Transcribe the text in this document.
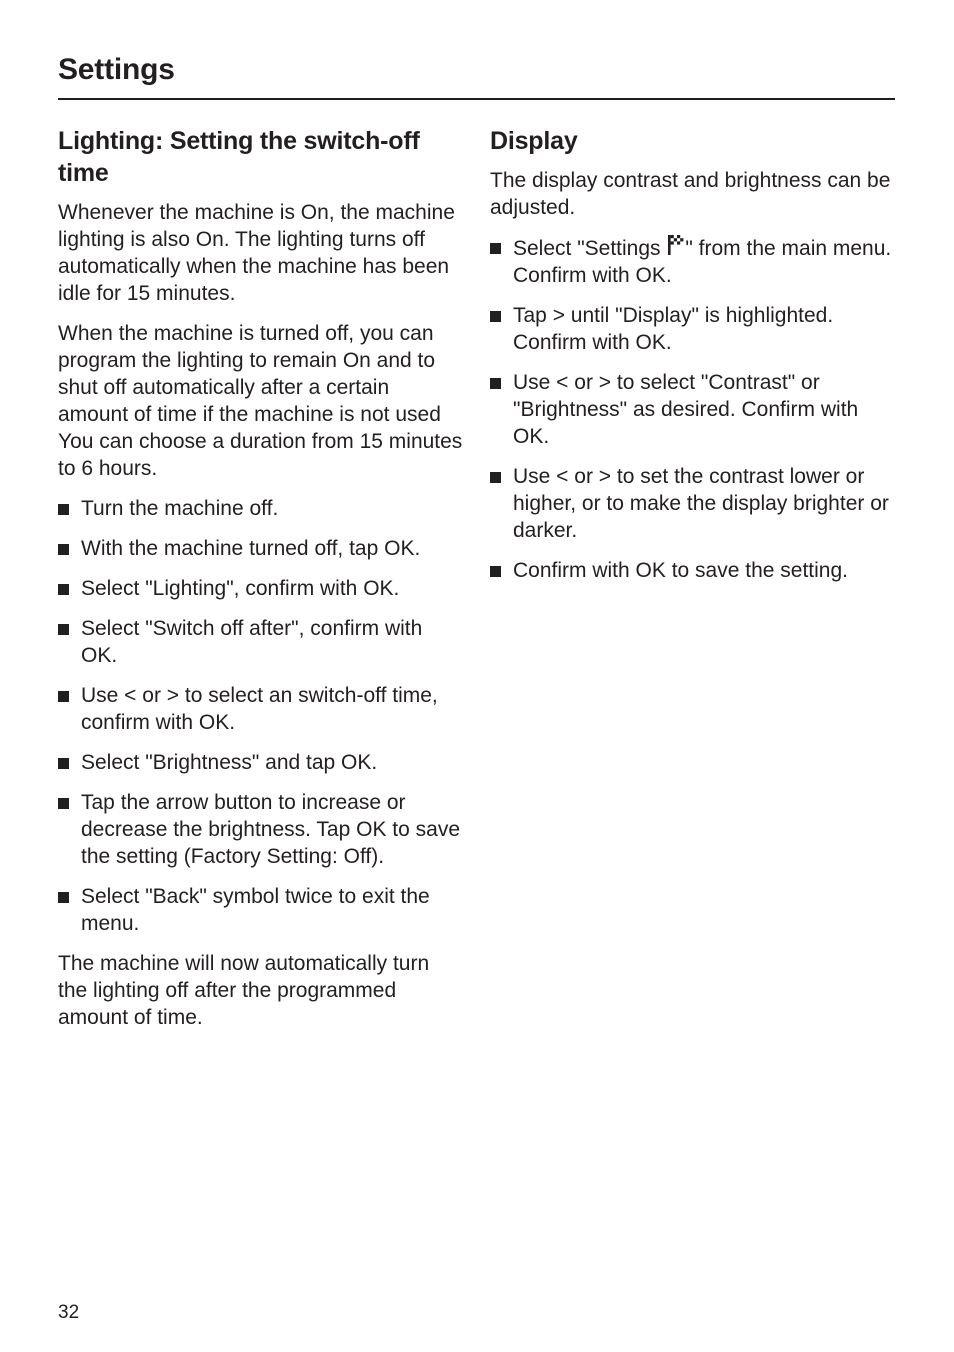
Settings
Lighting: Setting the switch-off time

Whenever the machine is On, the machine lighting is also On. The lighting turns off automatically when the machine has been idle for 15 minutes.

When the machine is turned off, you can program the lighting to remain On and to shut off automatically after a certain amount of time if the machine is not used
You can choose a duration from 15 minutes to 6 hours.

Turn the machine off.
With the machine turned off, tap OK.
Select "Lighting", confirm with OK.
Select "Switch off after", confirm with OK.
Use < or > to select an switch-off time, confirm with OK.
Select "Brightness" and tap OK.
Tap the arrow button to increase or decrease the brightness. Tap OK to save the setting (Factory Setting: Off).
Select "Back" symbol twice to exit the menu.

The machine will now automatically turn the lighting off after the programmed amount of time.

Display

The display contrast and brightness can be adjusted.

Select "Settings " from the main menu. Confirm with OK.
Tap > until "Display" is highlighted. Confirm with OK.
Use < or > to select "Contrast" or "Brightness" as desired. Confirm with OK.
Use < or > to set the contrast lower or higher, or to make the display brighter or darker.
Confirm with OK to save the setting.

32
